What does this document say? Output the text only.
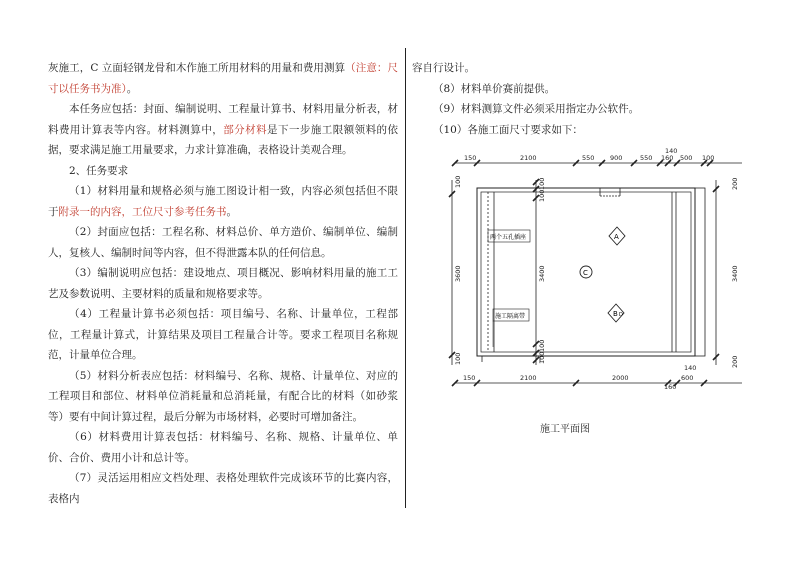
灰施工，C 立面轻钢龙骨和木作施工所用材料的用量和费用测算（注意：尺寸以任务书为准）。

本任务应包括：封面、编制说明、工程量计算书、材料用量分析表，材料费用计算表等内容。材料测算中，部分材料是下一步施工限额领料的依据，要求满足施工用量要求，力求计算准确，表格设计美观合理。

2、任务要求

（1）材料用量和规格必须与施工图设计相一致，内容必须包括但不限于附录一的内容，工位尺寸参考任务书。

（2）封面应包括：工程名称、材料总价、单方造价、编制单位、编制人，复核人、编制时间等内容，但不得泄露本队的任何信息。

（3）编制说明应包括：建设地点、项目概况、影响材料用量的施工工艺及参数说明、主要材料的质量和规格要求等。

（4）工程量计算书必须包括：项目编号、名称、计量单位，工程部位，工程量计算式，计算结果及项目工程量合计等。要求工程项目名称规范，计量单位合理。

（5）材料分析表应包括：材料编号、名称、规格、计量单位、对应的工程项目和部位、材料单位消耗量和总消耗量，有配合比的材料（如砂浆等）要有中间计算过程，最后分解为市场材料，必要时可增加备注。

（6）材料费用计算表包括：材料编号、名称、规格、计量单位、单价、合价、费用小计和总计等。

（7）灵活运用相应文档处理、表格处理软件完成该环节的比赛内容，表格内

容自行设计。

（8）材料单价赛前提供。

（9）材料测算文件必须采用指定办公软件。

（10）各施工面尺寸要求如下：

150	2100	550 900	550 160 500 100
140
150	2100	2000
160
600
140
100
3600
100
100
100
3400
100
100
200
3400
200
A
B
C
D
两个五孔插座
施工隔离带
施工平面图
